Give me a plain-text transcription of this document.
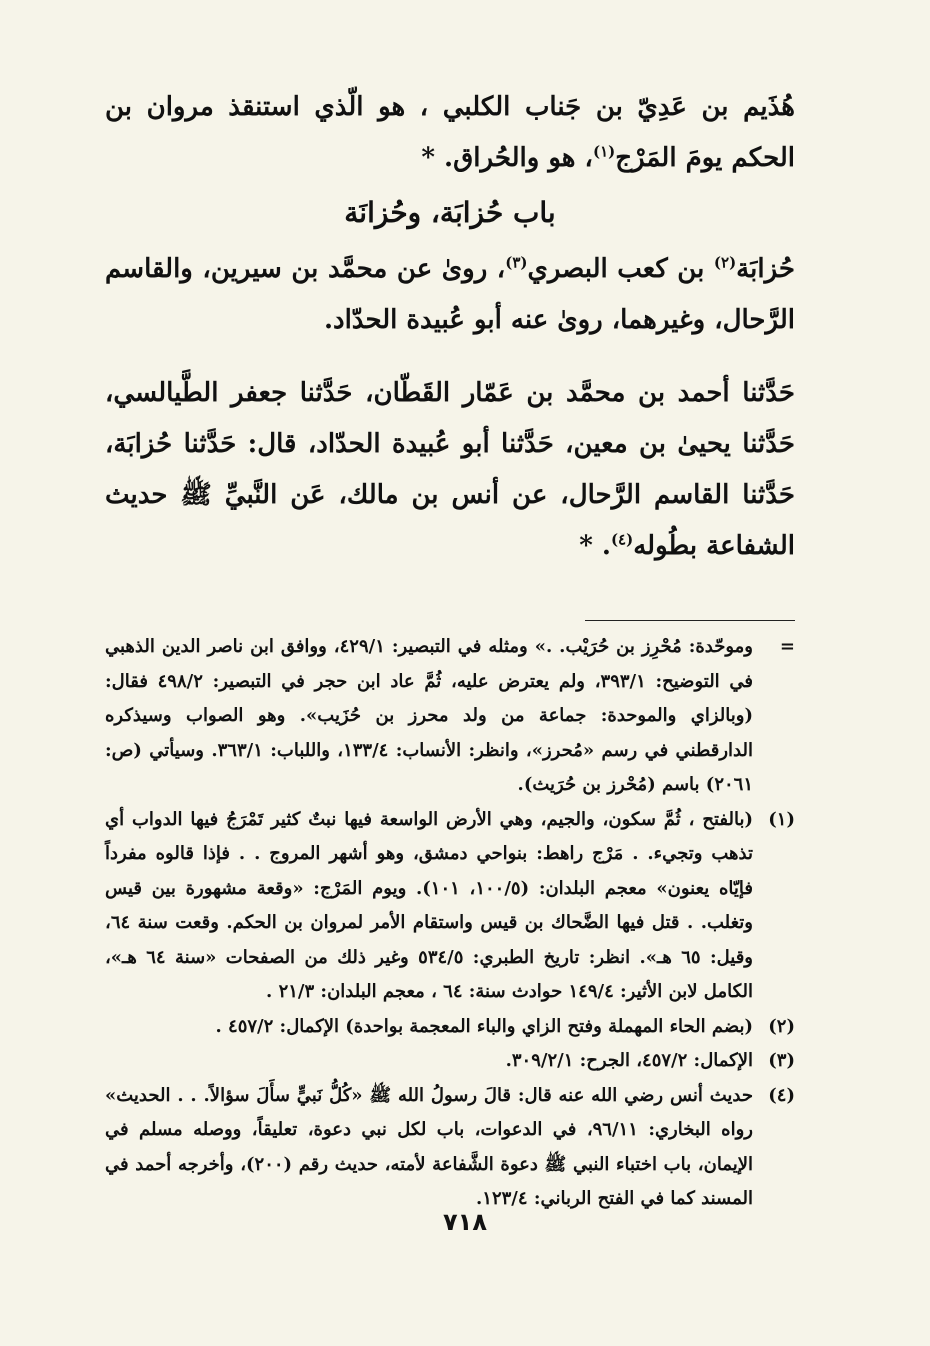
هُذَيم بن عَدِيّ بن جَناب الكلبي ، هو الّذي استنقذ مروان بن الحكم يومَ المَرْج$^{(١)}$، هو والحُراق. *

باب حُزابَة، وحُزانَة

حُزابَة$^{(٢)}$ بن كعب البصري$^{(٣)}$، روىٰ عن محمَّد بن سيرين، والقاسم الرَّحال، وغيرهما، روىٰ عنه أبو عُبيدة الحدّاد.

حَدَّثنا أحمد بن محمَّد بن عَمّار القَطّان، حَدَّثنا جعفر الطَّيالسي، حَدَّثنا يحيىٰ بن معين، حَدَّثنا أبو عُبيدة الحدّاد، قال: حَدَّثنا حُزابَة، حَدَّثنا القاسم الرَّحال، عن أنس بن مالك، عَن النَّبيِّ ﷺ حديث الشفاعة بطُوله$^{(٤)}$. *

=
وموحّدة: مُحْرِز بن حُرَيْب. .» ومثله في التبصير: ٤٢٩/١، ووافق ابن ناصر الدين الذهبي في التوضيح: ٣٩٣/١، ولم يعترض عليه، ثُمَّ عاد ابن حجر في التبصير: ٤٩٨/٢ فقال: (وبالزاي والموحدة: جماعة من ولد محرز بن حُزَيب». وهو الصواب وسيذكره الدارقطني في رسم «مُحرز»، وانظر: الأنساب: ١٣٣/٤، واللباب: ٣٦٣/١. وسيأتي (ص: ٢٠٦١) باسم (مُحْرز بن حُرَيث).
(١)
(بالفتح ، ثُمَّ سكون، والجيم، وهي الأرض الواسعة فيها نبتٌ كثير تَمْرَجُ فيها الدواب أي تذهب وتجيء. . مَرْج راهط: بنواحي دمشق، وهو أشهر المروج . . فإذا قالوه مفرداً فإيّاه يعنون» معجم البلدان: (١٠٠/٥، ١٠١). ويوم المَرْج: «وقعة مشهورة بين قيس وتغلب. . قتل فيها الضَّحاك بن قيس واستقام الأمر لمروان بن الحكم. وقعت سنة ٦٤، وقيل: ٦٥ هـ». انظر: تاريخ الطبري: ٥٣٤/٥ وغير ذلك من الصفحات «سنة ٦٤ هـ»، الكامل لابن الأثير: ١٤٩/٤ حوادث سنة: ٦٤ ، معجم البلدان: ٢١/٣ .
(٢)
(بضم الحاء المهملة وفتح الزاي والباء المعجمة بواحدة) الإكمال: ٤٥٧/٢ .
(٣)
الإكمال: ٤٥٧/٢، الجرح: ٣٠٩/٢/١.
(٤)
حديث أنس رضي الله عنه قال: قالَ رسولُ الله ﷺ «كُلُّ نَبيٍّ سأَلَ سؤالاً. . . الحديث» رواه البخاري: ٩٦/١١، في الدعوات، باب لكل نبي دعوة، تعليقاً، ووصله مسلم في الإيمان، باب اختباء النبي ﷺ دعوة الشَّفاعة لأمته، حديث رقم (٢٠٠)، وأخرجه أحمد في المسند كما في الفتح الرباني: ١٢٣/٤.
٧١٨
